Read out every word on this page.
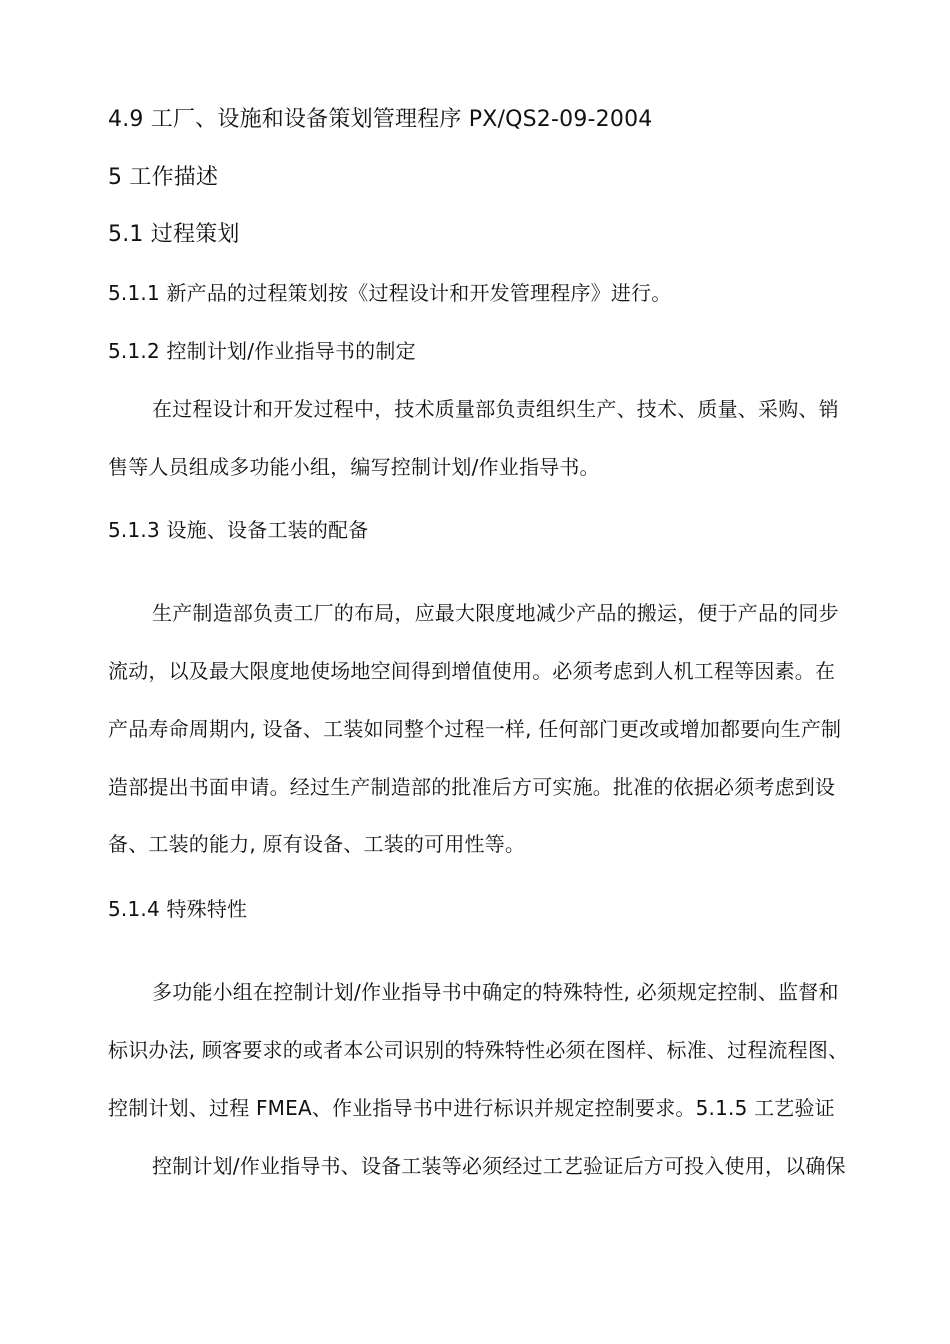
4.9 工厂、设施和设备策划管理程序 PX/QS2-09-2004

5 工作描述

5.1 过程策划

5.1.1 新产品的过程策划按《过程设计和开发管理程序》进行。

5.1.2 控制计划/作业指导书的制定

在过程设计和开发过程中，技术质量部负责组织生产、技术、质量、采购、销

售等人员组成多功能小组，编写控制计划/作业指导书。

5.1.3 设施、设备工装的配备

生产制造部负责工厂的布局，应最大限度地减少产品的搬运，便于产品的同步

流动，以及最大限度地使场地空间得到增值使用。必须考虑到人机工程等因素。在

产品寿命周期内, 设备、工装如同整个过程一样, 任何部门更改或增加都要向生产制

造部提出书面申请。经过生产制造部的批准后方可实施。批准的依据必须考虑到设

备、工装的能力, 原有设备、工装的可用性等。

5.1.4 特殊特性

多功能小组在控制计划/作业指导书中确定的特殊特性, 必须规定控制、监督和

标识办法, 顾客要求的或者本公司识别的特殊特性必须在图样、标准、过程流程图、

控制计划、过程 FMEA、作业指导书中进行标识并规定控制要求。5.1.5 工艺验证

控制计划/作业指导书、设备工装等必须经过工艺验证后方可投入使用，以确保
